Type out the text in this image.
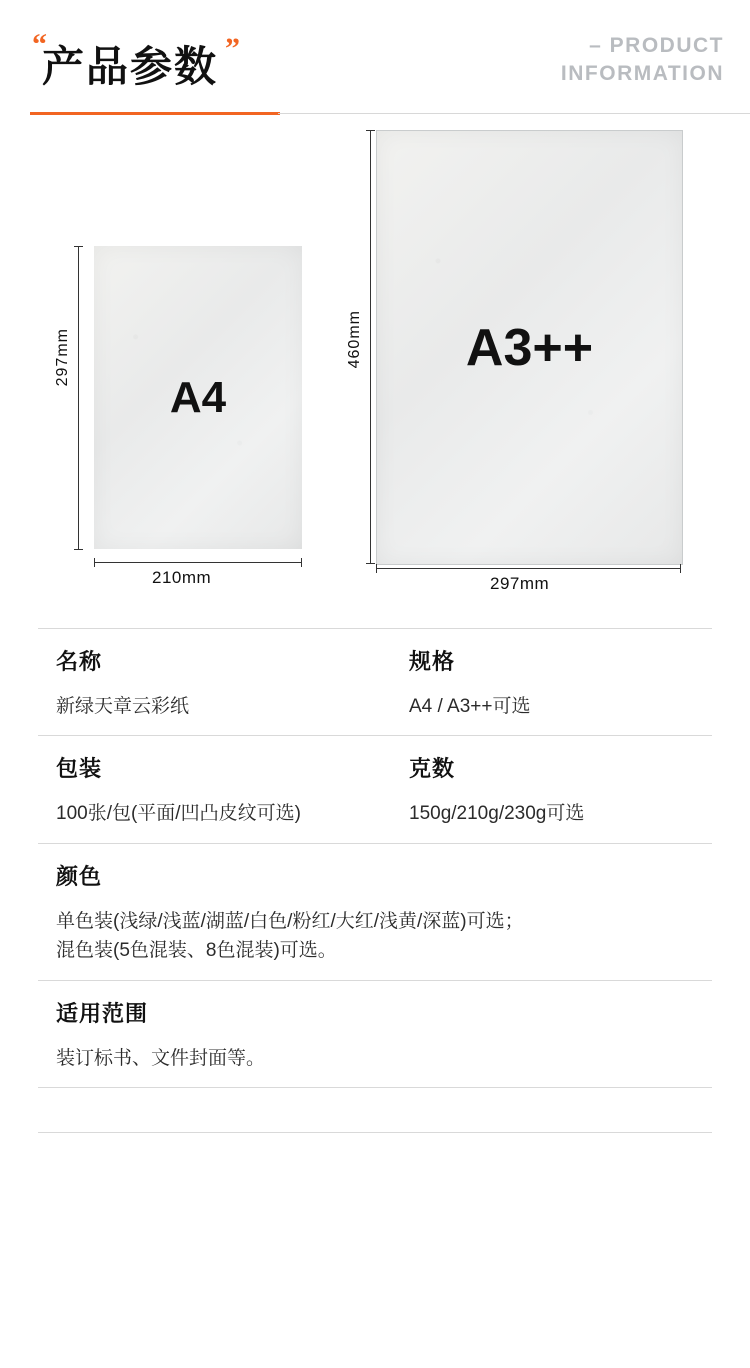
“
产品参数 ”	– PRODUCT
INFORMATION
A4
297mm
210mm
A3++
460mm
297mm
名称
新绿天章云彩纸
规格
A4 / A3++可选
包装
100张/包(平面/凹凸皮纹可选)
克数
150g/210g/230g可选
颜色
单色装(浅绿/浅蓝/湖蓝/白色/粉红/大红/浅黄/深蓝)可选；
混色装(5色混装、8色混装)可选。
适用范围
装订标书、文件封面等。
